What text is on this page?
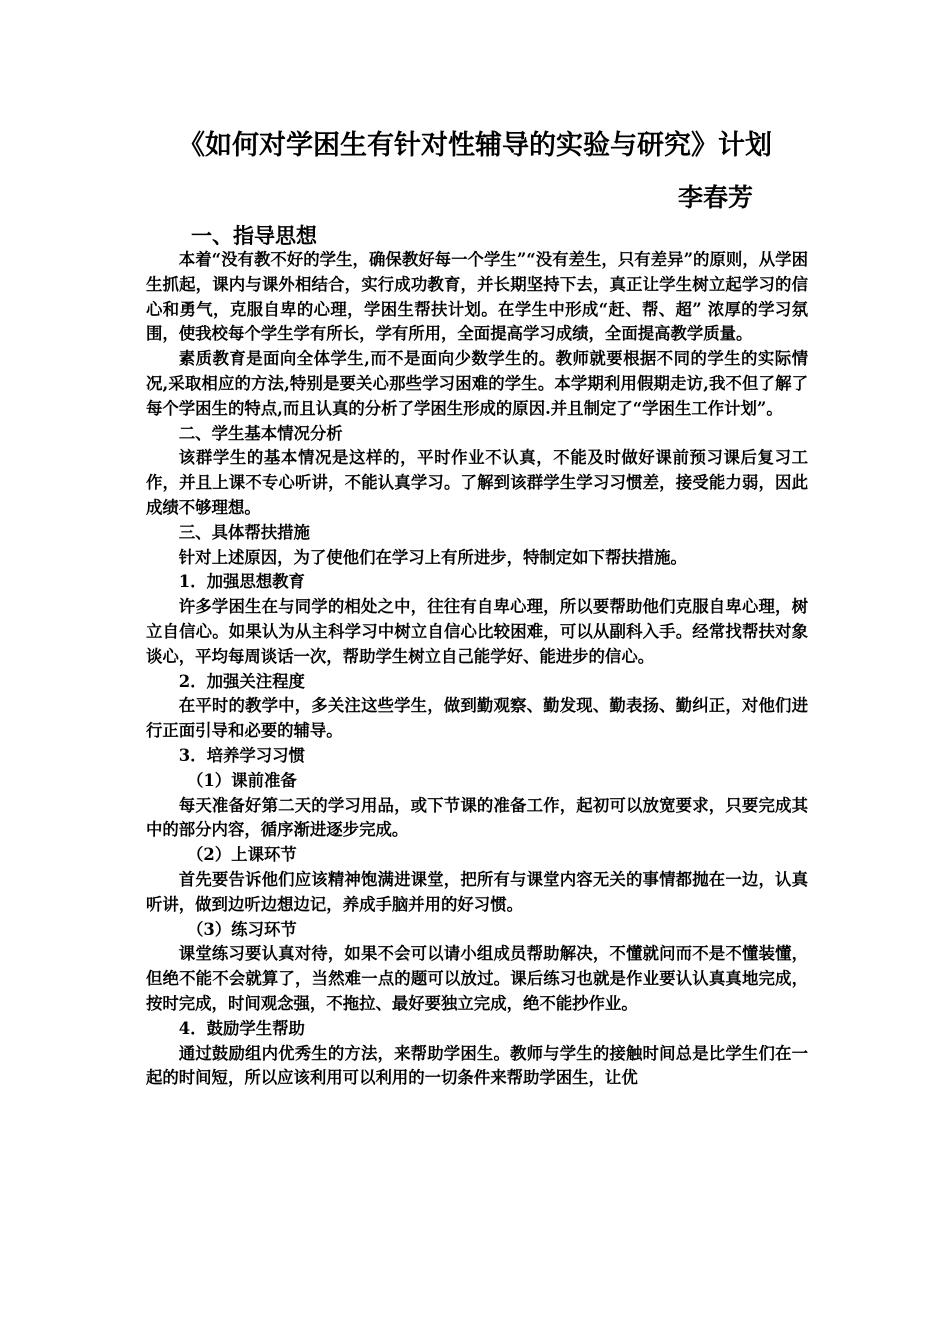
《如何对学困生有针对性辅导的实验与研究》计划
李春芳
一、指导思想

本着“没有教不好的学生，确保教好每一个学生”“没有差生，只有差异”的原则，从学困生抓起，课内与课外相结合，实行成功教育，并长期坚持下去，真正让学生树立起学习的信心和勇气，克服自卑的心理，学困生帮扶计划。在学生中形成“赶、帮、超” 浓厚的学习氛围，使我校每个学生学有所长，学有所用，全面提高学习成绩，全面提高教学质量。

素质教育是面向全体学生,而不是面向少数学生的。教师就要根据不同的学生的实际情况,采取相应的方法,特别是要关心那些学习困难的学生。本学期利用假期走访,我不但了解了每个学困生的特点,而且认真的分析了学困生形成的原因.并且制定了“学困生工作计划”。

二、学生基本情况分析

该群学生的基本情况是这样的，平时作业不认真，不能及时做好课前预习课后复习工作，并且上课不专心听讲，不能认真学习。了解到该群学生学习习惯差，接受能力弱，因此成绩不够理想。

三、具体帮扶措施

针对上述原因，为了使他们在学习上有所进步，特制定如下帮扶措施。

1．加强思想教育

许多学困生在与同学的相处之中，往往有自卑心理，所以要帮助他们克服自卑心理，树立自信心。如果认为从主科学习中树立自信心比较困难，可以从副科入手。经常找帮扶对象谈心，平均每周谈话一次，帮助学生树立自己能学好、能进步的信心。

2．加强关注程度

在平时的教学中，多关注这些学生，做到勤观察、勤发现、勤表扬、勤纠正，对他们进行正面引导和必要的辅导。

3．培养学习习惯

（1）课前准备

每天准备好第二天的学习用品，或下节课的准备工作，起初可以放宽要求，只要完成其中的部分内容，循序渐进逐步完成。

（2）上课环节

首先要告诉他们应该精神饱满进课堂，把所有与课堂内容无关的事情都抛在一边，认真听讲，做到边听边想边记，养成手脑并用的好习惯。

（3）练习环节

课堂练习要认真对待，如果不会可以请小组成员帮助解决，不懂就问而不是不懂装懂，但绝不能不会就算了，当然难一点的题可以放过。课后练习也就是作业要认认真真地完成，按时完成，时间观念强，不拖拉、最好要独立完成，绝不能抄作业。

4．鼓励学生帮助

通过鼓励组内优秀生的方法，来帮助学困生。教师与学生的接触时间总是比学生们在一起的时间短，所以应该利用可以利用的一切条件来帮助学困生，让优
